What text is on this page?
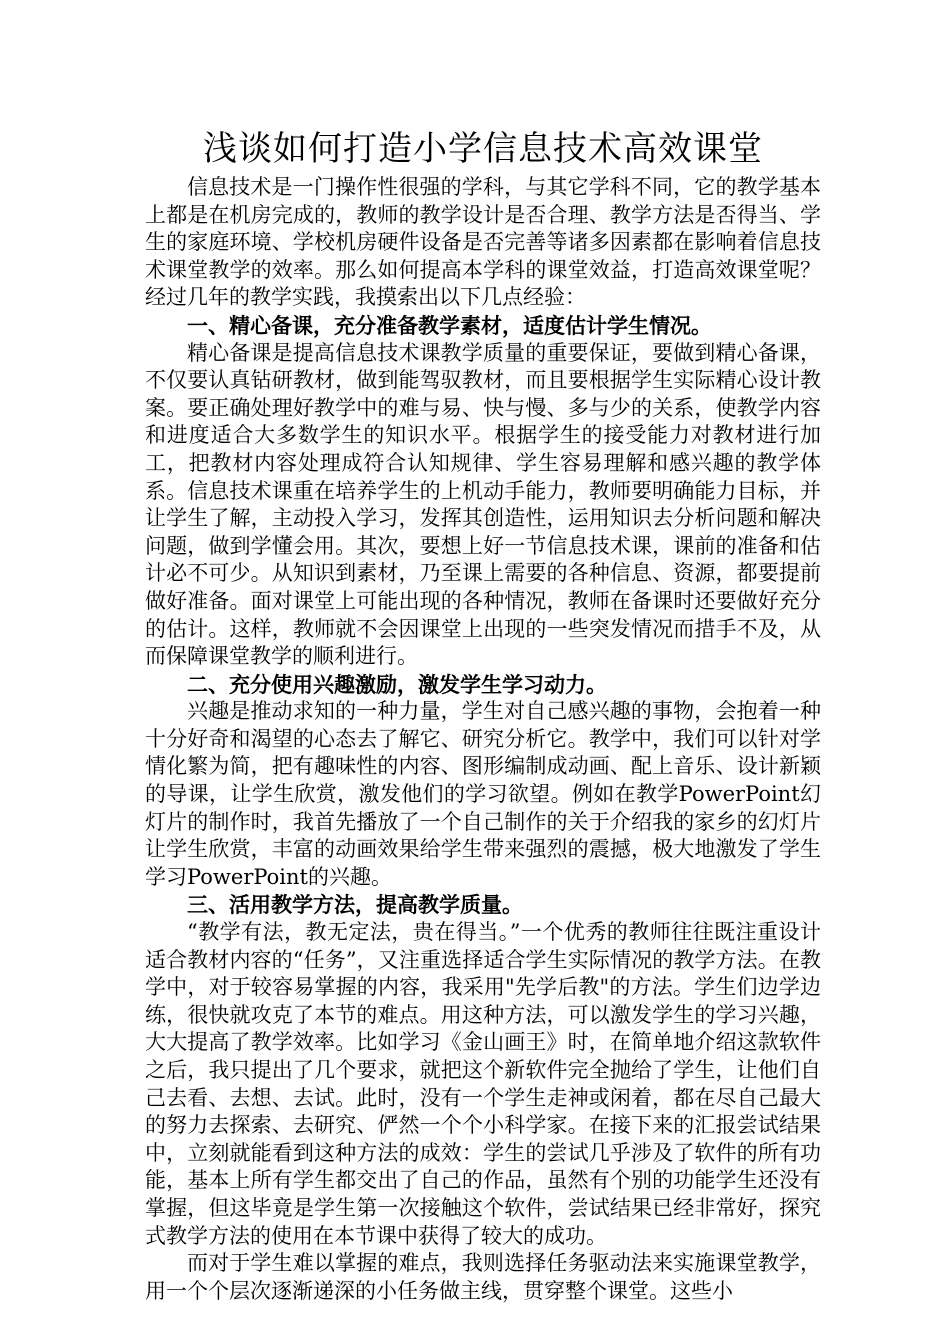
浅谈如何打造小学信息技术高效课堂

信息技术是一门操作性很强的学科，与其它学科不同，它的教学基本上都是在机房完成的，教师的教学设计是否合理、教学方法是否得当、学生的家庭环境、学校机房硬件设备是否完善等诸多因素都在影响着信息技术课堂教学的效率。那么如何提高本学科的课堂效益，打造高效课堂呢？经过几年的教学实践，我摸索出以下几点经验：

一、精心备课，充分准备教学素材，适度估计学生情况。

精心备课是提高信息技术课教学质量的重要保证，要做到精心备课，不仅要认真钻研教材，做到能驾驭教材，而且要根据学生实际精心设计教案。要正确处理好教学中的难与易、快与慢、多与少的关系，使教学内容和进度适合大多数学生的知识水平。根据学生的接受能力对教材进行加工，把教材内容处理成符合认知规律、学生容易理解和感兴趣的教学体系。信息技术课重在培养学生的上机动手能力，教师要明确能力目标，并让学生了解，主动投入学习，发挥其创造性，运用知识去分析问题和解决问题，做到学懂会用。其次，要想上好一节信息技术课，课前的准备和估计必不可少。从知识到素材，乃至课上需要的各种信息、资源，都要提前做好准备。面对课堂上可能出现的各种情况，教师在备课时还要做好充分的估计。这样，教师就不会因课堂上出现的一些突发情况而措手不及，从而保障课堂教学的顺利进行。

二、充分使用兴趣激励，激发学生学习动力。

兴趣是推动求知的一种力量，学生对自己感兴趣的事物，会抱着一种十分好奇和渴望的心态去了解它、研究分析它。教学中，我们可以针对学情化繁为简，把有趣味性的内容、图形编制成动画、配上音乐、设计新颖的导课，让学生欣赏，激发他们的学习欲望。例如在教学PowerPoint幻灯片的制作时，我首先播放了一个自己制作的关于介绍我的家乡的幻灯片让学生欣赏，丰富的动画效果给学生带来强烈的震撼，极大地激发了学生学习PowerPoint的兴趣。

三、活用教学方法，提高教学质量。

“教学有法，教无定法，贵在得当。”一个优秀的教师往往既注重设计适合教材内容的“任务”，又注重选择适合学生实际情况的教学方法。在教学中，对于较容易掌握的内容，我采用"先学后教"的方法。学生们边学边练，很快就攻克了本节的难点。用这种方法，可以激发学生的学习兴趣，大大提高了教学效率。比如学习《金山画王》时，在简单地介绍这款软件之后，我只提出了几个要求，就把这个新软件完全抛给了学生，让他们自己去看、去想、去试。此时，没有一个学生走神或闲着，都在尽自己最大的努力去探索、去研究、俨然一个个小科学家。在接下来的汇报尝试结果中，立刻就能看到这种方法的成效：学生的尝试几乎涉及了软件的所有功能，基本上所有学生都交出了自己的作品，虽然有个别的功能学生还没有掌握，但这毕竟是学生第一次接触这个软件，尝试结果已经非常好，探究式教学方法的使用在本节课中获得了较大的成功。

而对于学生难以掌握的难点，我则选择任务驱动法来实施课堂教学，用一个个层次逐渐递深的小任务做主线，贯穿整个课堂。这些小
